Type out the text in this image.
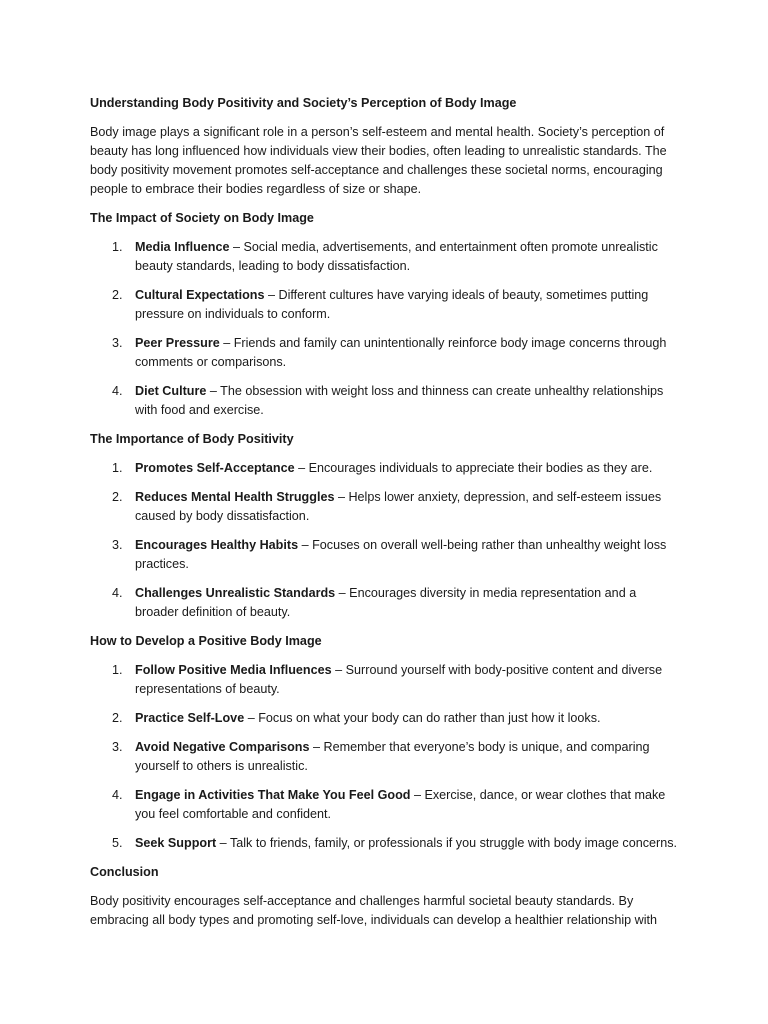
Understanding Body Positivity and Society’s Perception of Body Image

Body image plays a significant role in a person’s self-esteem and mental health. Society’s perception of beauty has long influenced how individuals view their bodies, often leading to unrealistic standards. The body positivity movement promotes self-acceptance and challenges these societal norms, encouraging people to embrace their bodies regardless of size or shape.

The Impact of Society on Body Image
1. Media Influence – Social media, advertisements, and entertainment often promote unrealistic beauty standards, leading to body dissatisfaction.
2. Cultural Expectations – Different cultures have varying ideals of beauty, sometimes putting pressure on individuals to conform.
3. Peer Pressure – Friends and family can unintentionally reinforce body image concerns through comments or comparisons.
4. Diet Culture – The obsession with weight loss and thinness can create unhealthy relationships with food and exercise.
The Importance of Body Positivity
1. Promotes Self-Acceptance – Encourages individuals to appreciate their bodies as they are.
2. Reduces Mental Health Struggles – Helps lower anxiety, depression, and self-esteem issues caused by body dissatisfaction.
3. Encourages Healthy Habits – Focuses on overall well-being rather than unhealthy weight loss practices.
4. Challenges Unrealistic Standards – Encourages diversity in media representation and a broader definition of beauty.
How to Develop a Positive Body Image
1. Follow Positive Media Influences – Surround yourself with body-positive content and diverse representations of beauty.
2. Practice Self-Love – Focus on what your body can do rather than just how it looks.
3. Avoid Negative Comparisons – Remember that everyone’s body is unique, and comparing yourself to others is unrealistic.
4. Engage in Activities That Make You Feel Good – Exercise, dance, or wear clothes that make you feel comfortable and confident.
5. Seek Support – Talk to friends, family, or professionals if you struggle with body image concerns.
Conclusion

Body positivity encourages self-acceptance and challenges harmful societal beauty standards. By embracing all body types and promoting self-love, individuals can develop a healthier relationship with
